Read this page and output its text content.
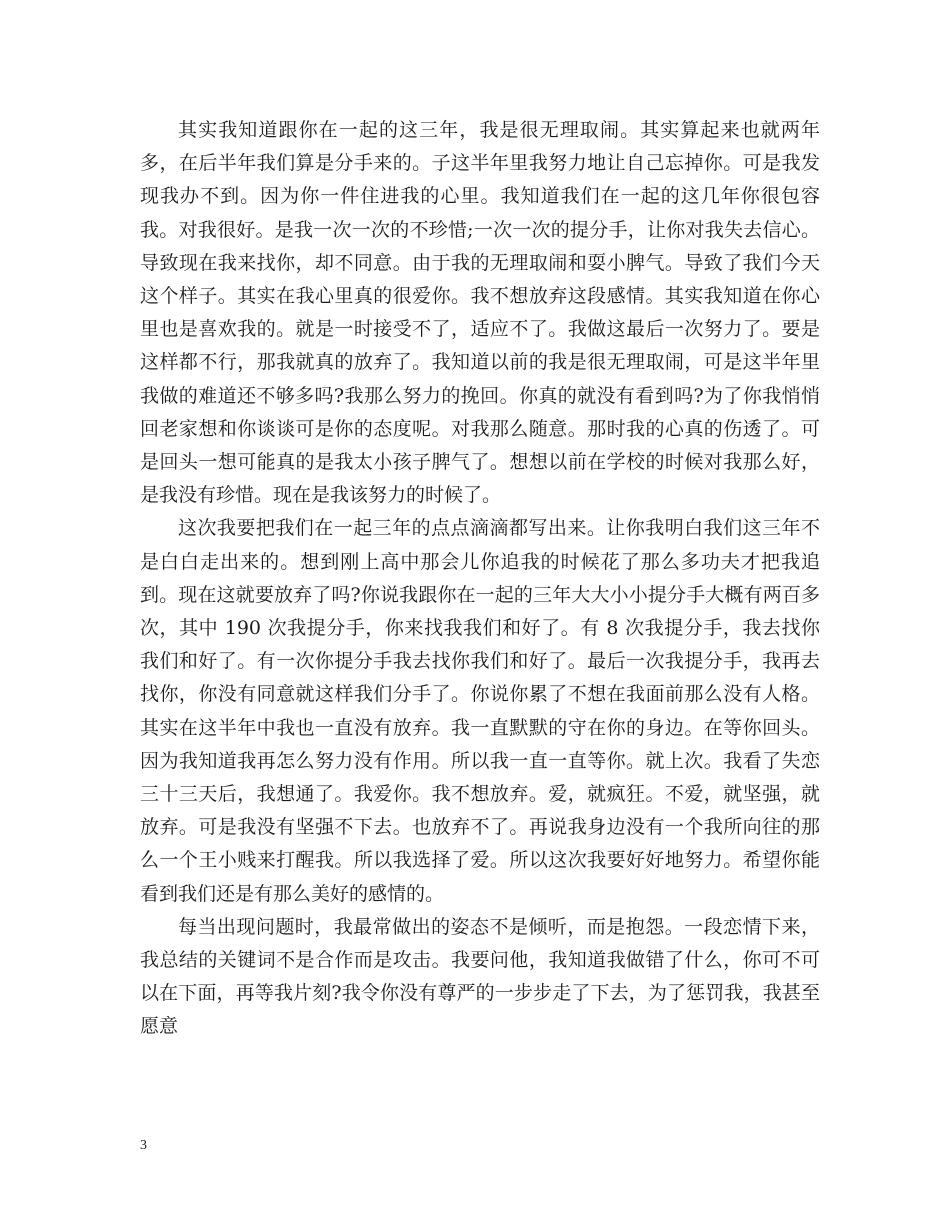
其实我知道跟你在一起的这三年，我是很无理取闹。其实算起来也就两年多，在后半年我们算是分手来的。子这半年里我努力地让自己忘掉你。可是我发现我办不到。因为你一件住进我的心里。我知道我们在一起的这几年你很包容我。对我很好。是我一次一次的不珍惜;一次一次的提分手，让你对我失去信心。导致现在我来找你，却不同意。由于我的无理取闹和耍小脾气。导致了我们今天这个样子。其实在我心里真的很爱你。我不想放弃这段感情。其实我知道在你心里也是喜欢我的。就是一时接受不了，适应不了。我做这最后一次努力了。要是这样都不行，那我就真的放弃了。我知道以前的我是很无理取闹，可是这半年里我做的难道还不够多吗?我那么努力的挽回。你真的就没有看到吗?为了你我悄悄回老家想和你谈谈可是你的态度呢。对我那么随意。那时我的心真的伤透了。可是回头一想可能真的是我太小孩子脾气了。想想以前在学校的时候对我那么好，是我没有珍惜。现在是我该努力的时候了。

这次我要把我们在一起三年的点点滴滴都写出来。让你我明白我们这三年不是白白走出来的。想到刚上高中那会儿你追我的时候花了那么多功夫才把我追到。现在这就要放弃了吗?你说我跟你在一起的三年大大小小提分手大概有两百多次，其中 190 次我提分手，你来找我我们和好了。有 8 次我提分手，我去找你我们和好了。有一次你提分手我去找你我们和好了。最后一次我提分手，我再去找你，你没有同意就这样我们分手了。你说你累了不想在我面前那么没有人格。其实在这半年中我也一直没有放弃。我一直默默的守在你的身边。在等你回头。因为我知道我再怎么努力没有作用。所以我一直一直等你。就上次。我看了失恋三十三天后，我想通了。我爱你。我不想放弃。爱，就疯狂。不爱，就坚强，就放弃。可是我没有坚强不下去。也放弃不了。再说我身边没有一个我所向往的那么一个王小贱来打醒我。所以我选择了爱。所以这次我要好好地努力。希望你能看到我们还是有那么美好的感情的。

每当出现问题时，我最常做出的姿态不是倾听，而是抱怨。一段恋情下来，我总结的关键词不是合作而是攻击。我要问他，我知道我做错了什么，你可不可以在下面，再等我片刻?我令你没有尊严的一步步走了下去，为了惩罚我，我甚至愿意

3
